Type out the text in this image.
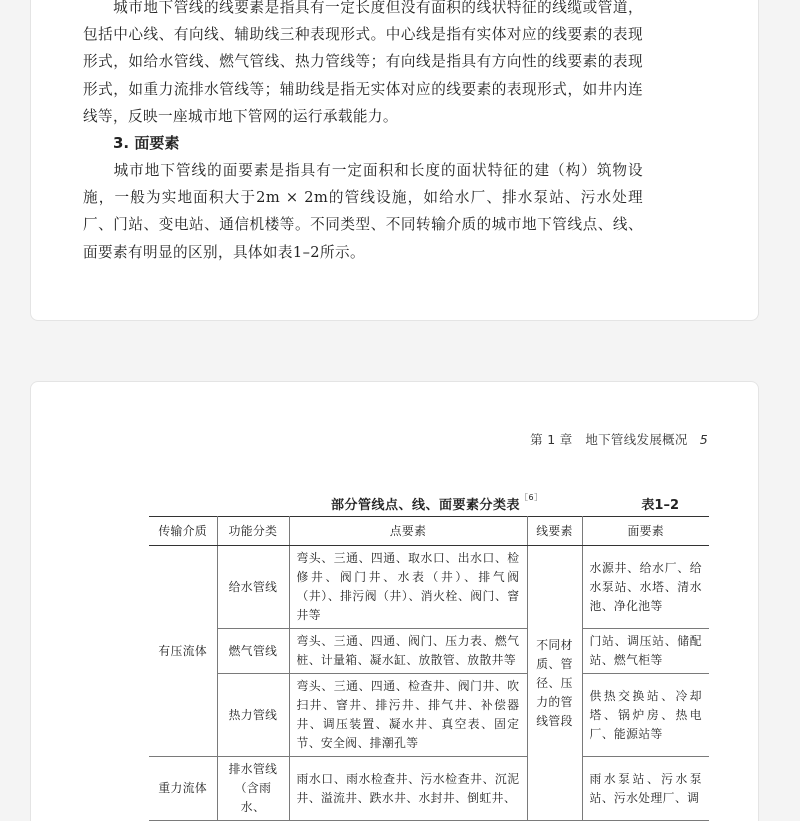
城市地下管线的线要素是指具有一定长度但没有面积的线状特征的线缆或管道，包括中心线、有向线、辅助线三种表现形式。中心线是指有实体对应的线要素的表现形式，如给水管线、燃气管线、热力管线等；有向线是指具有方向性的线要素的表现形式，如重力流排水管线等；辅助线是指无实体对应的线要素的表现形式，如井内连线等，反映一座城市地下管网的运行承载能力。

3. 面要素

城市地下管线的面要素是指具有一定面积和长度的面状特征的建（构）筑物设施，一般为实地面积大于2m × 2m的管线设施，如给水厂、排水泵站、污水处理厂、门站、变电站、通信机楼等。不同类型、不同转输介质的城市地下管线点、线、面要素有明显的区别，具体如表1–2所示。

第 1 章　地下管线发展概况 5
部分管线点、线、面要素分类表$^{[6]}$
表1–2
传输介质	功能分类	点要素	线要素	面要素
有压流体	给水管线	弯头、三通、四通、取水口、出水口、检修井、阀门井、水表（井）、排气阀（井）、排污阀（井）、消火栓、阀门、窨井等	不同材质、管径、压力的管线管段	水源井、给水厂、给水泵站、水塔、清水池、净化池等
	燃气管线	弯头、三通、四通、阀门、压力表、燃气桩、计量箱、凝水缸、放散管、放散井等		门站、调压站、储配站、燃气柜等
	热力管线	弯头、三通、四通、检查井、阀门井、吹扫井、窨井、排污井、排气井、补偿器井、调压装置、凝水井、真空表、固定节、安全阀、排潮孔等		供热交换站、冷却塔、锅炉房、热电厂、能源站等
重力流体	排水管线（含雨水、	雨水口、雨水检查井、污水检查井、沉泥井、溢流井、跌水井、水封井、倒虹井、		雨水泵站、污水泵站、污水处理厂、调
